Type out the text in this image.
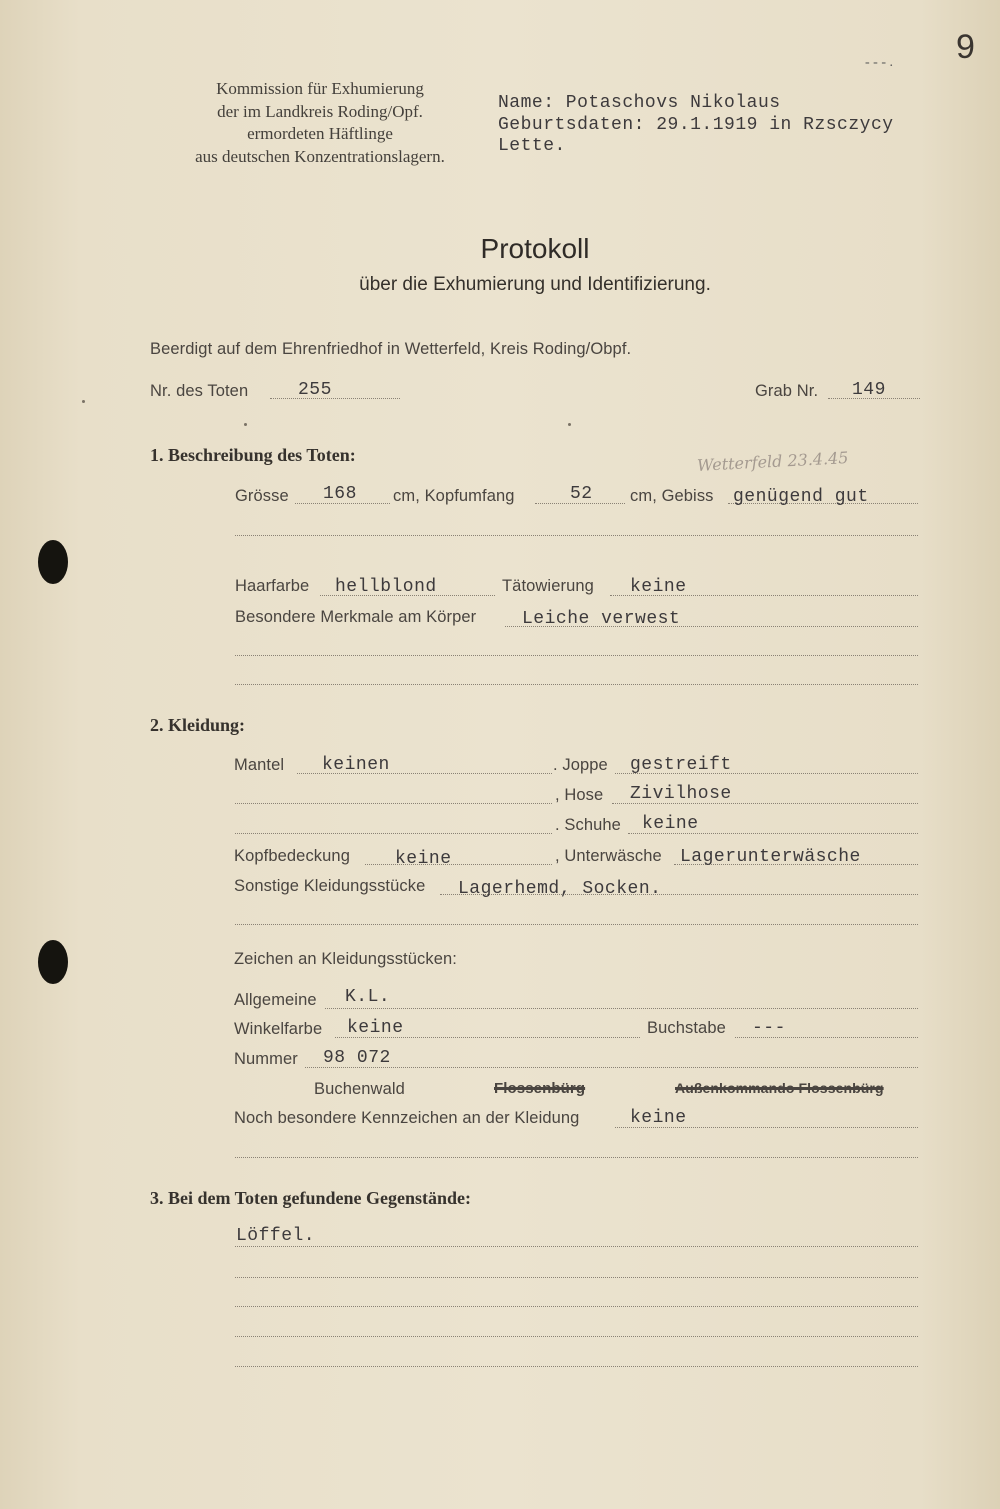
9
- - - .
Kommission für Exhumierung
der im Landkreis Roding/Opf.
ermordeten Häftlinge
aus deutschen Konzentrationslagern.
Name: Potaschovs Nikolaus
Geburtsdaten: 29.1.1919 in Rzsczycy
Lette.
Protokoll
über die Exhumierung und Identifizierung.
Beerdigt auf dem Ehrenfriedhof in Wetterfeld, Kreis Roding/Obpf.
Nr. des Toten	255	Grab Nr. 149
1. Beschreibung des Toten:	Wetterfeld 23.4.45
Grösse 168 cm, Kopfumfang	52 cm, Gebiss genügend gut
Haarfarbe hellblond	Tätowierung keine
Besondere Merkmale am Körper	Leiche verwest
2. Kleidung:
Mantel keinen	. Joppe gestreift
, Hose Zivilhose
. Schuhe keine
Kopfbedeckung	keine	, Unterwäsche Lagerunterwäsche
Sonstige Kleidungsstücke Lagerhemd, Socken.
Zeichen an Kleidungsstücken:
Allgemeine K.L.
Winkelfarbe keine	Buchstabe ---
Nummer 98 072
Buchenwald	Flossenbürg	Außenkommando Flossenbürg
Noch besondere Kennzeichen an der Kleidung	keine
3. Bei dem Toten gefundene Gegenstände:
Löffel.
